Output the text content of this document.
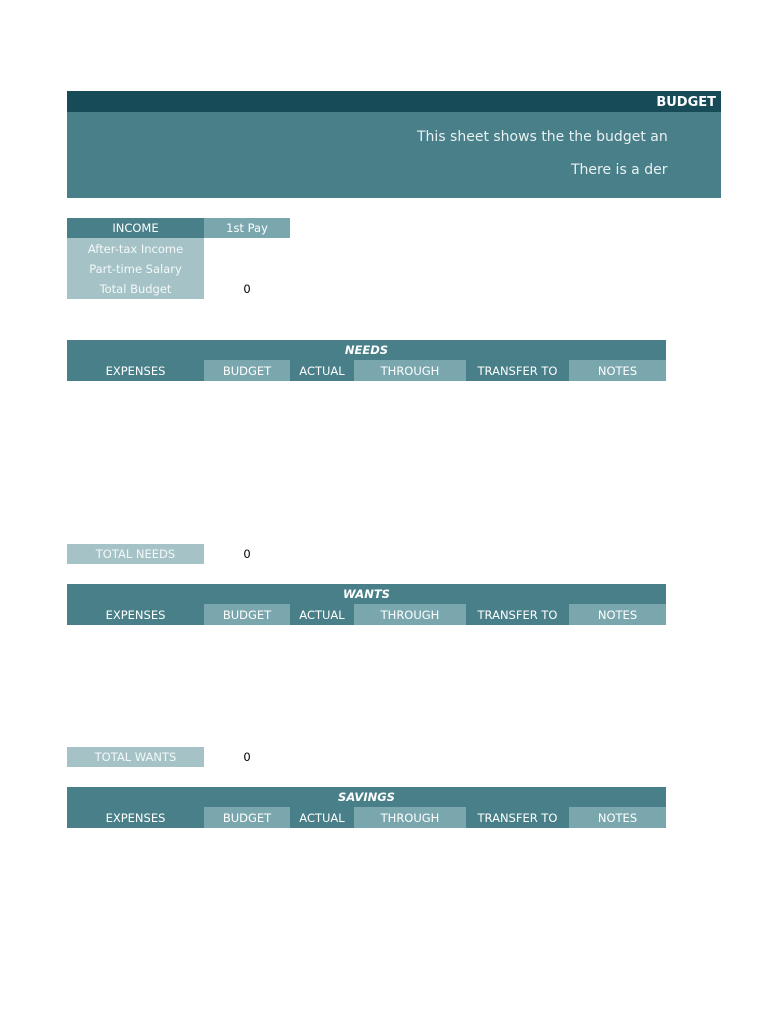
BUDGET
This sheet shows the the budget an
There is a der
INCOME	1st Pay
After-tax Income
Part-time Salary
Total Budget	0
NEEDS
EXPENSES	BUDGET	ACTUAL	THROUGH	TRANSFER TO	NOTES
TOTAL NEEDS	0
WANTS
EXPENSES	BUDGET	ACTUAL	THROUGH	TRANSFER TO	NOTES
TOTAL WANTS	0
SAVINGS
EXPENSES	BUDGET	ACTUAL	THROUGH	TRANSFER TO	NOTES
